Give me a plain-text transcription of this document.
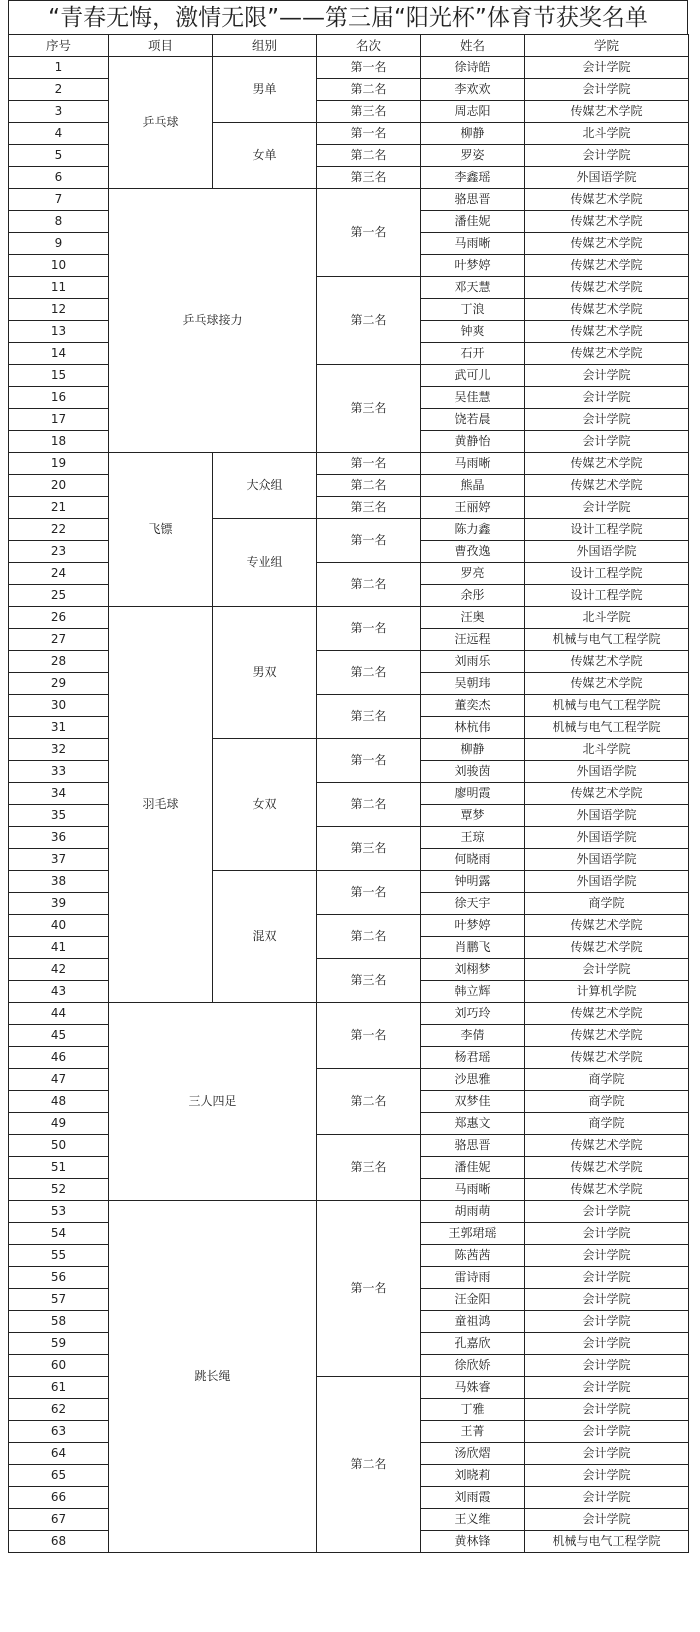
“青春无悔，激情无限”——第三届“阳光杯”体育节获奖名单
序号	项目	组别	名次	姓名	学院
1	乒乓球	男单	第一名	徐诗皓	会计学院
2			第二名	李欢欢	会计学院
3			第三名	周志阳	传媒艺术学院
4		女单	第一名	柳静	北斗学院
5			第二名	罗姿	会计学院
6			第三名	李鑫瑶	外国语学院
7	乒乓球接力		第一名	骆思晋	传媒艺术学院
8				潘佳妮	传媒艺术学院
9				马雨晰	传媒艺术学院
10				叶梦婷	传媒艺术学院
11			第二名	邓天慧	传媒艺术学院
12				丁浪	传媒艺术学院
13				钟爽	传媒艺术学院
14				石开	传媒艺术学院
15			第三名	武可儿	会计学院
16				吴佳慧	会计学院
17				饶若晨	会计学院
18				黄静怡	会计学院
19	飞镖	大众组	第一名	马雨晰	传媒艺术学院
20			第二名	熊晶	传媒艺术学院
21			第三名	王丽婷	会计学院
22		专业组	第一名	陈力鑫	设计工程学院
23				曹孜逸	外国语学院
24			第二名	罗亮	设计工程学院
25				余彤	设计工程学院
26	羽毛球	男双	第一名	汪奥	北斗学院
27				汪远程	机械与电气工程学院
28			第二名	刘雨乐	传媒艺术学院
29				吴朝玮	传媒艺术学院
30			第三名	董奕杰	机械与电气工程学院
31				林杭伟	机械与电气工程学院
32		女双	第一名	柳静	北斗学院
33				刘骏茵	外国语学院
34			第二名	廖明霞	传媒艺术学院
35				覃梦	外国语学院
36			第三名	王琼	外国语学院
37				何晓雨	外国语学院
38		混双	第一名	钟明露	外国语学院
39				徐天宇	商学院
40			第二名	叶梦婷	传媒艺术学院
41				肖鹏飞	传媒艺术学院
42			第三名	刘栩梦	会计学院
43				韩立辉	计算机学院
44	三人四足		第一名	刘巧玲	传媒艺术学院
45				李倩	传媒艺术学院
46				杨君瑶	传媒艺术学院
47			第二名	沙思雅	商学院
48				双梦佳	商学院
49				郑惠文	商学院
50			第三名	骆思晋	传媒艺术学院
51				潘佳妮	传媒艺术学院
52				马雨晰	传媒艺术学院
53	跳长绳		第一名	胡雨萌	会计学院
54				王郭珺瑶	会计学院
55				陈茜茜	会计学院
56				雷诗雨	会计学院
57				汪金阳	会计学院
58				童祖鸿	会计学院
59				孔嘉欣	会计学院
60				徐欣娇	会计学院
61			第二名	马姝睿	会计学院
62				丁雅	会计学院
63				王菁	会计学院
64				汤欣熠	会计学院
65				刘晓莉	会计学院
66				刘雨霞	会计学院
67				王义维	会计学院
68				黄林锋	机械与电气工程学院
